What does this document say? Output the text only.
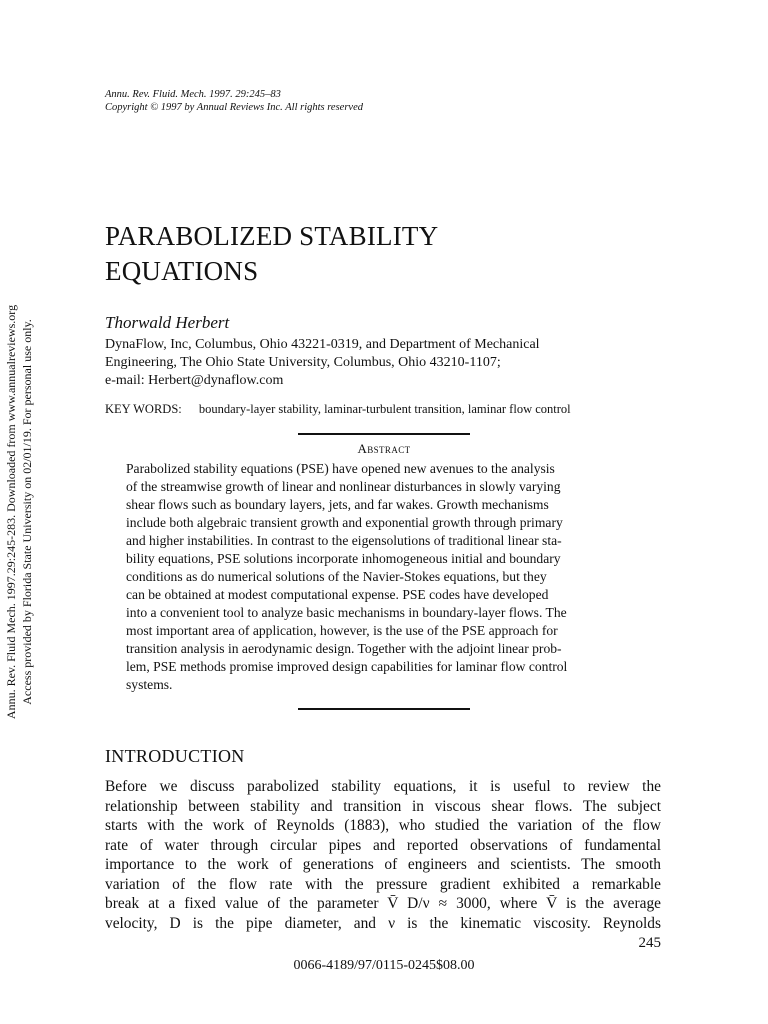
Annu. Rev. Fluid. Mech. 1997. 29:245–83
Copyright © 1997 by Annual Reviews Inc. All rights reserved
Annu. Rev. Fluid Mech. 1997.29:245-283. Downloaded from www.annualreviews.org Access provided by Florida State University on 02/01/19. For personal use only.
PARABOLIZED STABILITY
EQUATIONS
Thorwald Herbert
DynaFlow, Inc, Columbus, Ohio 43221-0319, and Department of Mechanical
Engineering, The Ohio State University, Columbus, Ohio 43210-1107;
e-mail: Herbert@dynaflow.com
KEY WORDS: boundary-layer stability, laminar-turbulent transition, laminar flow control
Abstract
Parabolized stability equations (PSE) have opened new avenues to the analysis
of the streamwise growth of linear and nonlinear disturbances in slowly varying
shear flows such as boundary layers, jets, and far wakes. Growth mechanisms
include both algebraic transient growth and exponential growth through primary
and higher instabilities. In contrast to the eigensolutions of traditional linear sta-
bility equations, PSE solutions incorporate inhomogeneous initial and boundary
conditions as do numerical solutions of the Navier-Stokes equations, but they
can be obtained at modest computational expense. PSE codes have developed
into a convenient tool to analyze basic mechanisms in boundary-layer flows. The
most important area of application, however, is the use of the PSE approach for
transition analysis in aerodynamic design. Together with the adjoint linear prob-
lem, PSE methods promise improved design capabilities for laminar flow control
systems.
INTRODUCTION
Before we discuss parabolized stability equations, it is useful to review the
relationship between stability and transition in viscous shear flows. The subject
starts with the work of Reynolds (1883), who studied the variation of the flow
rate of water through circular pipes and reported observations of fundamental
importance to the work of generations of engineers and scientists. The smooth
variation of the flow rate with the pressure gradient exhibited a remarkable
break at a fixed value of the parameter V̄ D/ν ≈ 3000, where V̄ is the average
velocity, D is the pipe diameter, and ν is the kinematic viscosity. Reynolds
245
0066-4189/97/0115-0245$08.00
